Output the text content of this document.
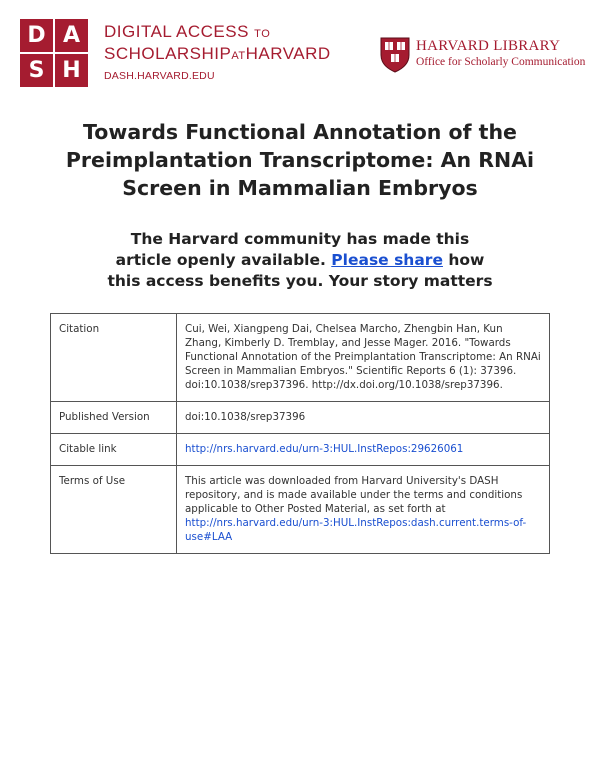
D A
S H
DIGITAL ACCESS TO
SCHOLARSHIPATHARVARD
DASH.HARVARD.EDU
HARVARD LIBRARY
Office for Scholarly Communication
Towards Functional Annotation of the Preimplantation Transcriptome: An RNAi Screen in Mammalian Embryos
The Harvard community has made this
article openly available. Please share how
this access benefits you. Your story matters
Citation	Cui, Wei, Xiangpeng Dai, Chelsea Marcho, Zhengbin Han, Kun Zhang, Kimberly D. Tremblay, and Jesse Mager. 2016. "Towards Functional Annotation of the Preimplantation Transcriptome: An RNAi Screen in Mammalian Embryos." Scientific Reports 6 (1): 37396. doi:10.1038/srep37396. http://dx.doi.org/10.1038/srep37396.
Published Version	doi:10.1038/srep37396
Citable link	http://nrs.harvard.edu/urn-3:HUL.InstRepos:29626061
Terms of Use	This article was downloaded from Harvard University's DASH repository, and is made available under the terms and conditions applicable to Other Posted Material, as set forth at http://nrs.harvard.edu/urn-3:HUL.InstRepos:dash.current.terms-of-use#LAA
